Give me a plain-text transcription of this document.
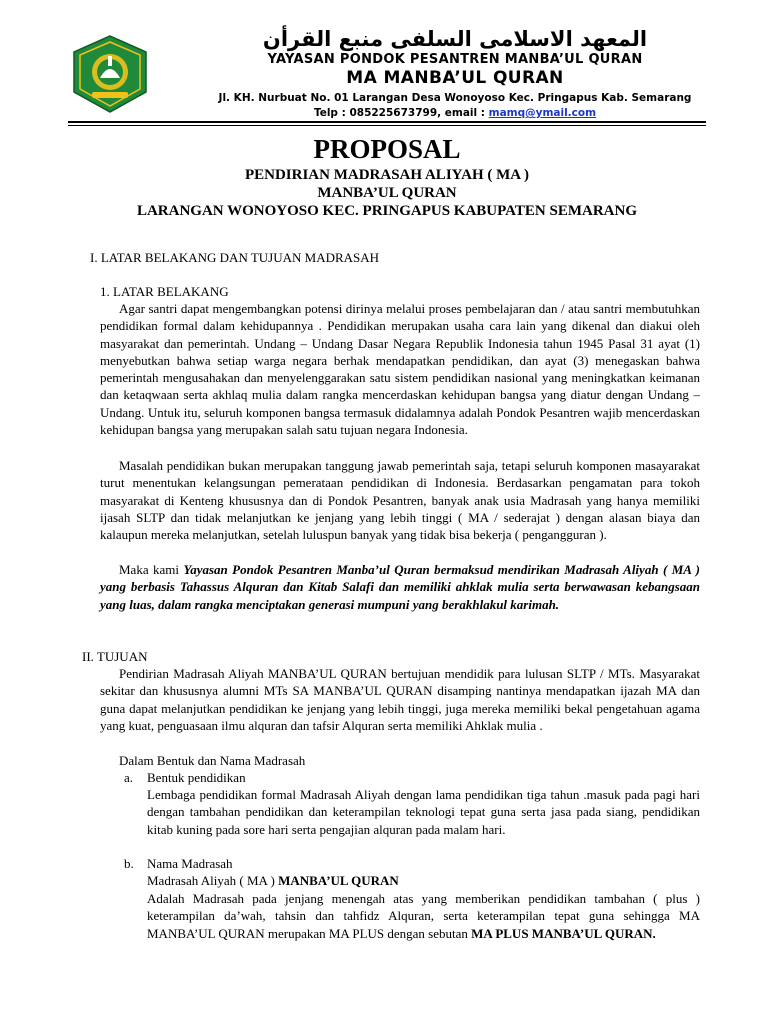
المعهد الاسلامى السلفى منبع القرأن
YAYASAN PONDOK PESANTREN MANBA’UL QURAN
MA MANBA’UL QURAN
Jl. KH. Nurbuat No. 01 Larangan Desa Wonoyoso Kec. Pringapus Kab. Semarang
Telp : 085225673799, email : mamq@ymail.com
PROPOSAL
PENDIRIAN MADRASAH ALIYAH ( MA )
MANBA’UL QURAN
LARANGAN WONOYOSO KEC. PRINGAPUS KABUPATEN SEMARANG
I. LATAR BELAKANG DAN TUJUAN MADRASAH
1. LATAR BELAKANG

Agar santri dapat mengembangkan potensi dirinya melalui proses pembelajaran dan / atau santri membutuhkan pendidikan formal dalam kehidupannya . Pendidikan merupakan usaha cara lain yang dikenal dan diakui oleh masyarakat dan pemerintah. Undang – Undang Dasar Negara Republik Indonesia tahun 1945 Pasal 31 ayat (1) menyebutkan bahwa setiap warga negara berhak mendapatkan pendidikan, dan ayat (3) menegaskan bahwa pemerintah mengusahakan dan menyelenggarakan satu sistem pendidikan nasional yang meningkatkan keimanan dan ketaqwaan serta akhlaq mulia dalam rangka mencerdaskan kehidupan bangsa yang diatur dengan Undang – Undang. Untuk itu, seluruh komponen bangsa termasuk didalamnya adalah Pondok Pesantren wajib mencerdaskan kehidupan bangsa yang merupakan salah satu tujuan negara Indonesia.

Masalah pendidikan bukan merupakan tanggung jawab pemerintah saja, tetapi seluruh komponen masayarakat turut menentukan kelangsungan pemerataan pendidikan di Indonesia. Berdasarkan pengamatan para tokoh masyarakat di Kenteng khususnya dan di Pondok Pesantren, banyak anak usia Madrasah yang hanya memiliki ijasah SLTP dan tidak melanjutkan ke jenjang yang lebih tinggi ( MA / sederajat ) dengan alasan biaya dan kalaupun mereka melanjutkan, setelah luluspun banyak yang tidak bisa bekerja ( pengangguran ).

Maka kami Yayasan Pondok Pesantren Manba’ul Quran bermaksud mendirikan Madrasah Aliyah ( MA ) yang berbasis Tahassus Alquran dan Kitab Salafi dan memiliki ahklak mulia serta berwawasan kebangsaan yang luas, dalam rangka menciptakan generasi mumpuni yang berakhlakul karimah.

II. TUJUAN

Pendirian Madrasah Aliyah MANBA’UL QURAN bertujuan mendidik para lulusan SLTP / MTs. Masyarakat sekitar dan khususnya alumni MTs SA MANBA’UL QURAN disamping nantinya mendapatkan ijazah MA dan guna dapat melanjutkan pendidikan ke jenjang yang lebih tinggi, juga mereka memiliki bekal pengetahuan agama yang kuat, penguasaan ilmu alquran dan tafsir Alquran serta memiliki Ahklak mulia .

Dalam Bentuk dan Nama Madrasah
a. Bentuk pendidikan

Lembaga pendidikan formal Madrasah Aliyah dengan lama pendidikan tiga tahun .masuk pada pagi hari dengan tambahan pendidikan dan keterampilan teknologi tepat guna serta jasa pada siang, pendidikan kitab kuning pada sore hari serta pengajian alquran pada malam hari.

b. Nama Madrasah
Madrasah Aliyah ( MA ) MANBA’UL QURAN

Adalah Madrasah pada jenjang menengah atas yang memberikan pendidikan tambahan ( plus ) keterampilan da’wah, tahsin dan tahfidz Alquran, serta keterampilan tepat guna sehingga MA MANBA’UL QURAN merupakan MA PLUS dengan sebutan MA PLUS MANBA’UL QURAN.
